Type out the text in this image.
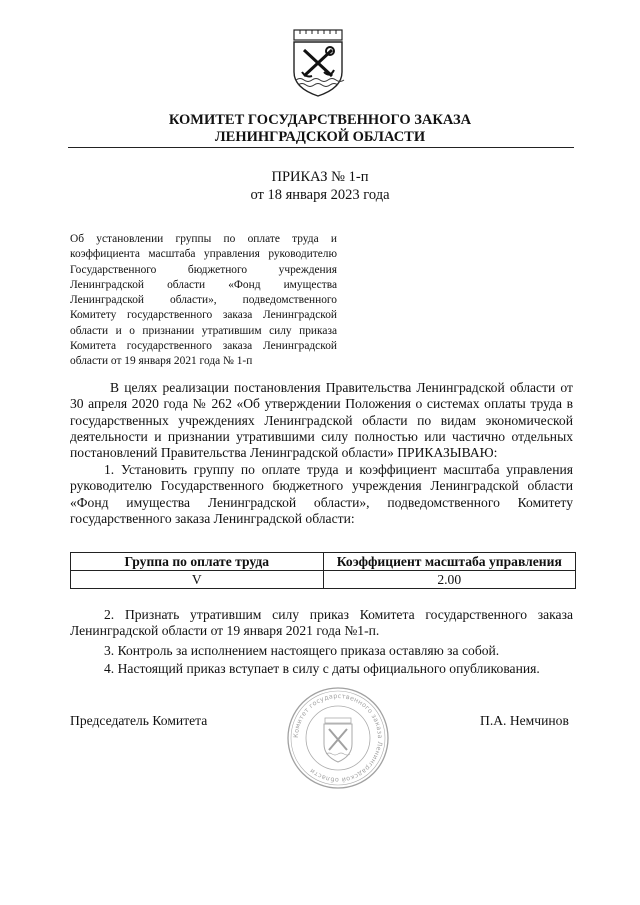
КОМИТЕТ ГОСУДАРСТВЕННОГО ЗАКАЗА
ЛЕНИНГРАДСКОЙ ОБЛАСТИ
ПРИКАЗ № 1-п
от 18 января 2023 года
Об установлении группы по оплате труда и
коэффициента масштаба управления руководителю
Государственного бюджетного учреждения
Ленинградской области «Фонд имущества
Ленинградской области», подведомственного
Комитету государственного заказа Ленинградской
области и о признании утратившим силу приказа
Комитета государственного заказа Ленинградской
области от 19 января 2021 года № 1-п
В целях реализации постановления Правительства Ленинградской области от
30 апреля 2020 года № 262 «Об утверждении Положения о системах оплаты труда в
государственных учреждениях Ленинградской области по видам экономической
деятельности и признании утратившими силу полностью или частично отдельных
постановлений Правительства Ленинградской области» ПРИКАЗЫВАЮ:
1. Установить группу по оплате труда и коэффициент масштаба управления
руководителю Государственного бюджетного учреждения Ленинградской области
«Фонд имущества Ленинградской области», подведомственного Комитету
государственного заказа Ленинградской области:
Группа по оплате труда	Коэффициент масштаба управления
V	2.00
2. Признать утратившим силу приказ Комитета государственного заказа
Ленинградской области от 19 января 2021 года №1-п.
3. Контроль за исполнением настоящего приказа оставляю за собой.
4. Настоящий приказ вступает в силу с даты официального опубликования.
Председатель Комитета	П.А. Немчинов
Комитет государственного заказа Ленинградской области
